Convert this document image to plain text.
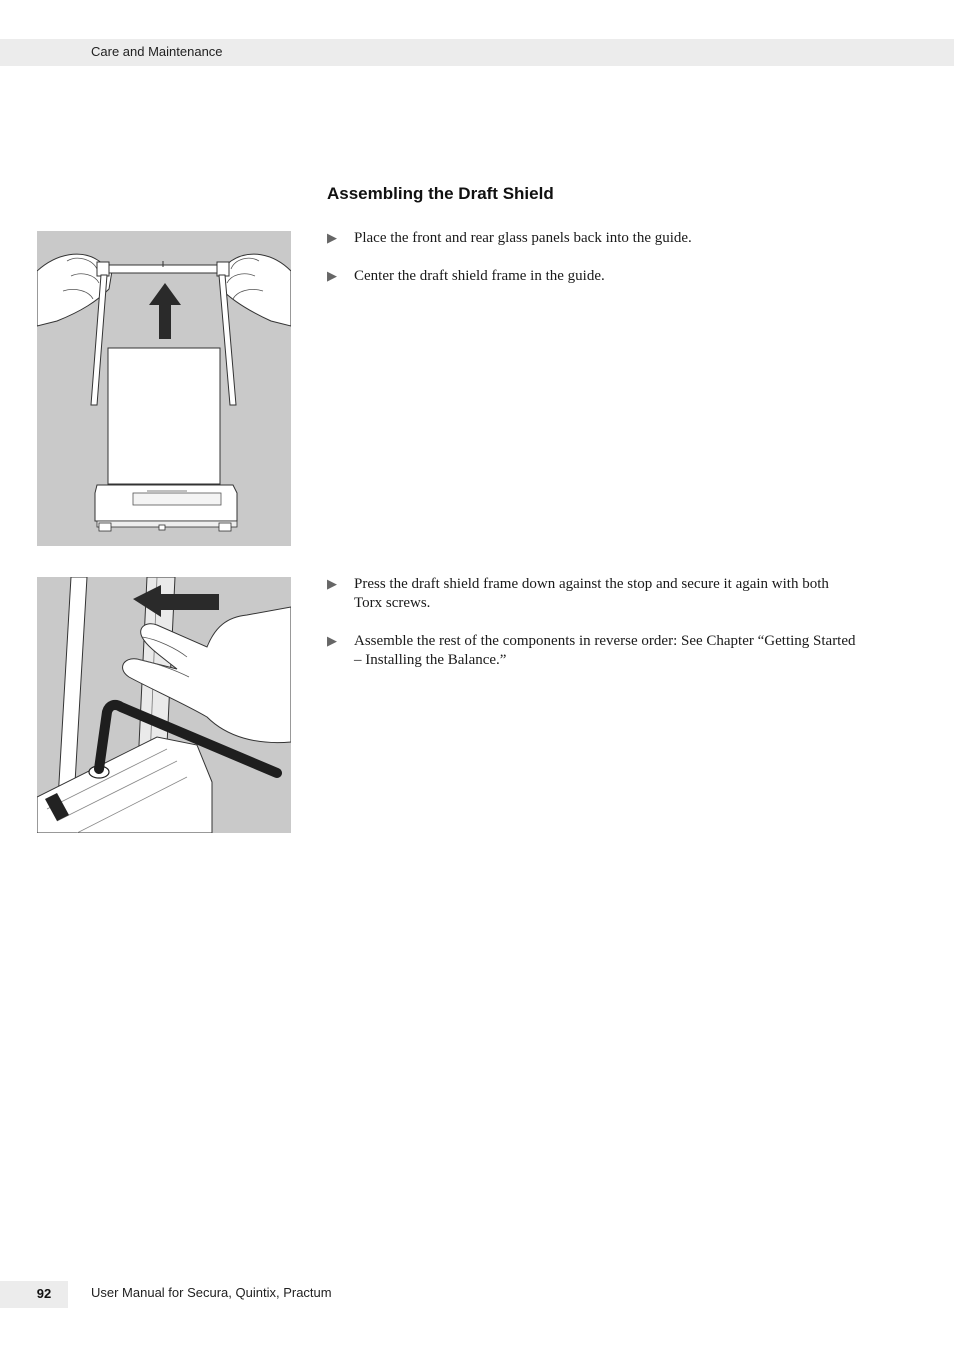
Care and Maintenance
Assembling the Draft Shield
▶ Place the front and rear glass panels back into the guide.
▶ Center the draft shield frame in the guide.
▶ Press the draft shield frame down against the stop and secure it again with both Torx screws.
▶ Assemble the rest of the components in reverse order: See Chapter “Getting Started – Installing the Balance.”
92	User Manual for Secura, Quintix, Practum
